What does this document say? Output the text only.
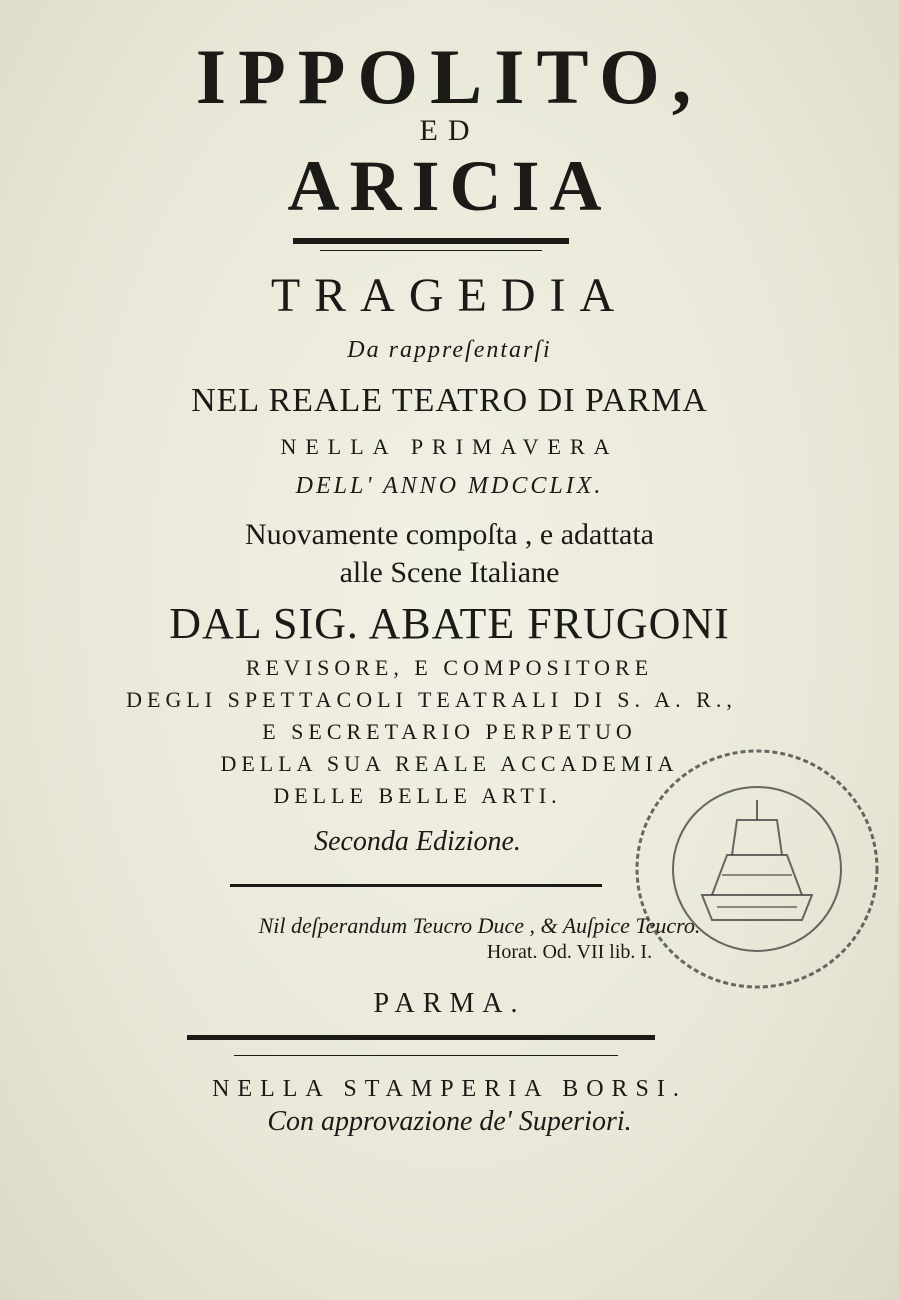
IPPOLITO,
ED
ARICIA
TRAGEDIA
Da rappreſentarſi
NEL REALE TEATRO DI PARMA
NELLA PRIMAVERA
DELL' ANNO MDCCLIX.
Nuovamente compoſta , e adattata
alle Scene Italiane
DAL SIG. ABATE FRUGONI
REVISORE, E COMPOSITORE
DEGLI SPETTACOLI TEATRALI DI S. A. R.,
E SECRETARIO PERPETUO
DELLA SUA REALE ACCADEMIA
DELLE BELLE ARTI.
Seconda Edizione.
Nil deſperandum Teucro Duce , & Auſpice Teucro.
Horat. Od. VII lib. I.
PARMA.
NELLA STAMPERIA BORSI.
Con approvazione de' Superiori.
